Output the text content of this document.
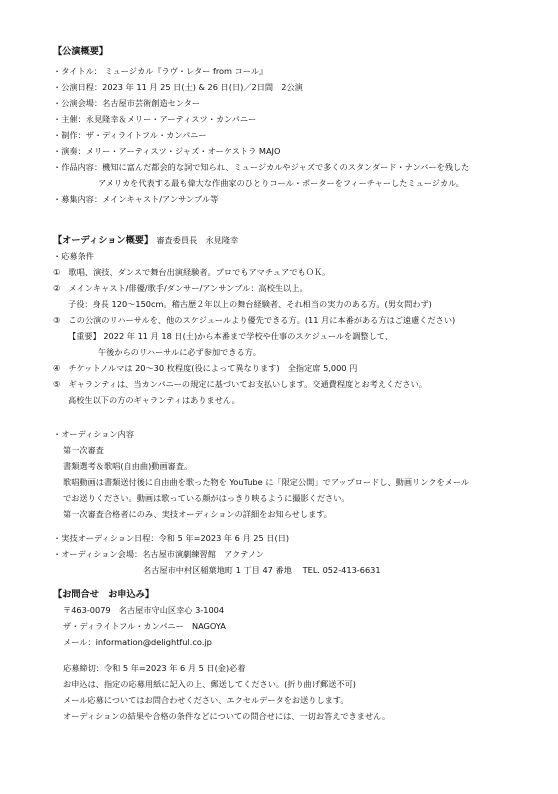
【公演概要】
・タイトル： ミュージカル『ラヴ・レター from コール』
・公演日程：2023 年 11 月 25 日(土) & 26 日(日)／2日間　2公演
・公演会場：名古屋市芸術創造センター
・主催：永見隆幸＆メリー・アーティスツ・カンパニー
・制作：ザ・ディライトフル・カンパニー
・演奏：メリー・アーティスツ・ジャズ・オーケストラ MAJO
・作品内容：機知に富んだ都会的な詞で知られ、ミュージカルやジャズで多くのスタンダード・ナンバーを残した
アメリカを代表する最も偉大な作曲家のひとりコール・ポーターをフィーチャーしたミュージカル。
・募集内容：メインキャスト/アンサンブル等
【オーディション概要】 審査委員長　永見隆幸
・応募条件
①　歌唱、演技、ダンスで舞台出演経験者。プロでもアマチュアでもＯＫ。
②　メインキャスト/俳優/歌手/ダンサー/アンサンブル：高校生以上。
子役：身長 120～150cm。稽古歴２年以上の舞台経験者、それ相当の実力のある方。(男女問わず)
③　この公演のリハーサルを、他のスケジュールより優先できる方。(11 月に本番がある方はご遠慮ください)
【重要】 2022 年 11 月 18 日(土)から本番まで学校や仕事のスケジュールを調整して、
午後からのリハーサルに必ず参加できる方。
④　チケットノルマは 20～30 枚程度(役によって異なります)　全指定席 5,000 円
⑤　ギャランティは、当カンパニーの規定に基づいてお支払いします。交通費程度とお考えください。
高校生以下の方のギャランティはありません。
・オーディション内容
第一次審査
書類選考＆歌唱(自由曲)動画審査。
歌唱動画は書類送付後に自由曲を歌った物を YouTube に「限定公開」でアップロードし、動画リンクをメール
でお送りください。動画は歌っている顔がはっきり映るように撮影ください。
第一次審査合格者にのみ、実技オーディションの詳細をお知らせします。
・実技オーディション日程：令和 5 年=2023 年 6 月 25 日(日)
・オーディション会場：名古屋市演劇練習館　アクテノン
名古屋市中村区稲葉地町 1 丁目 47 番地　 TEL. 052-413-6631
【お問合せ　お申込み】
〒463-0079　名古屋市守山区幸心 3-1004
ザ・ディライトフル・カンパニー　NAGOYA
メール：information@delightful.co.jp
応募締切：令和 5 年=2023 年 6 月 5 日(金)必着
お申込は、指定の応募用紙に記入の上、郵送してください。(折り曲げ郵送不可)
メール応募についてはお問合わせください、エクセルデータをお送りします。
オーディションの結果や合格の条件などについての問合せには、一切お答えできません。
